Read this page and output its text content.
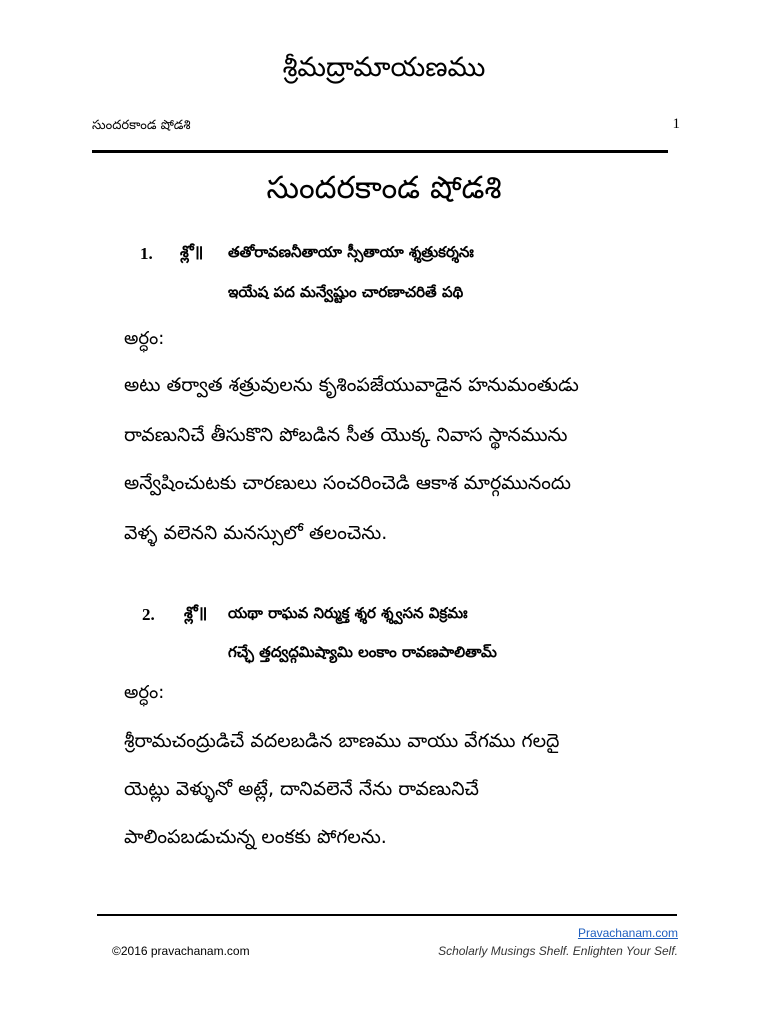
శ్రీమద్రామాయణము
సుందరకాండ షోడశి	1
సుందరకాండ షోడశి
1. శ్లో॥ తతోరావణనీతాయా స్సీతాయా శ్శత్రుకర్శనః
ఇయేష పద మన్వేష్టుం చారణాచరితే పథి
అర్ధం:
అటు తర్వాత శత్రువులను కృశింపజేయువాడైన హనుమంతుడు
రావణునిచే తీసుకొని పోబడిన సీత యొక్క నివాస స్థానమును
అన్వేషించుటకు చారణులు సంచరించెడి ఆకాశ మార్గమునందు
వెళ్ళ వలెనని మనస్సులో తలంచెను.
2. శ్లో॥ యథా రాఘవ నిర్ముక్త శ్శర శ్శ్వసన విక్రమః
గచ్ఛే త్తద్వద్గమిష్యామి లంకాం రావణపాలితామ్
అర్ధం:
శ్రీరామచంద్రుడిచే వదలబడిన బాణము వాయు వేగము గలదై
యెట్లు వెళ్ళునో అట్లే, దానివలెనే నేను రావణునిచే
పాలింపబడుచున్న లంకకు పోగలను.
Pravachanam.com
©2016 pravachanam.com	Scholarly Musings Shelf. Enlighten Your Self.
